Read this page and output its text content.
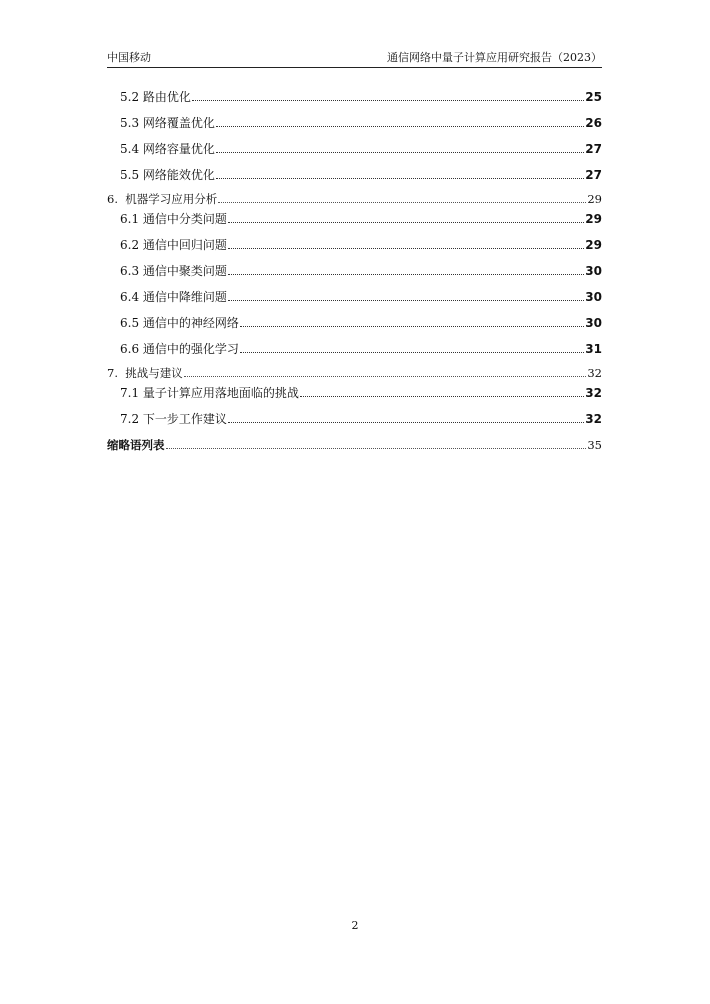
中国移动	通信网络中量子计算应用研究报告（2023）
5.2 路由优化	25
5.3 网络覆盖优化	26
5.4 网络容量优化	27
5.5 网络能效优化	27
6. 机器学习应用分析	29
6.1 通信中分类问题	29
6.2 通信中回归问题	29
6.3 通信中聚类问题	30
6.4 通信中降维问题	30
6.5 通信中的神经网络	30
6.6 通信中的强化学习	31
7. 挑战与建议	32
7.1 量子计算应用落地面临的挑战	32
7.2 下一步工作建议	32
缩略语列表	35
2
